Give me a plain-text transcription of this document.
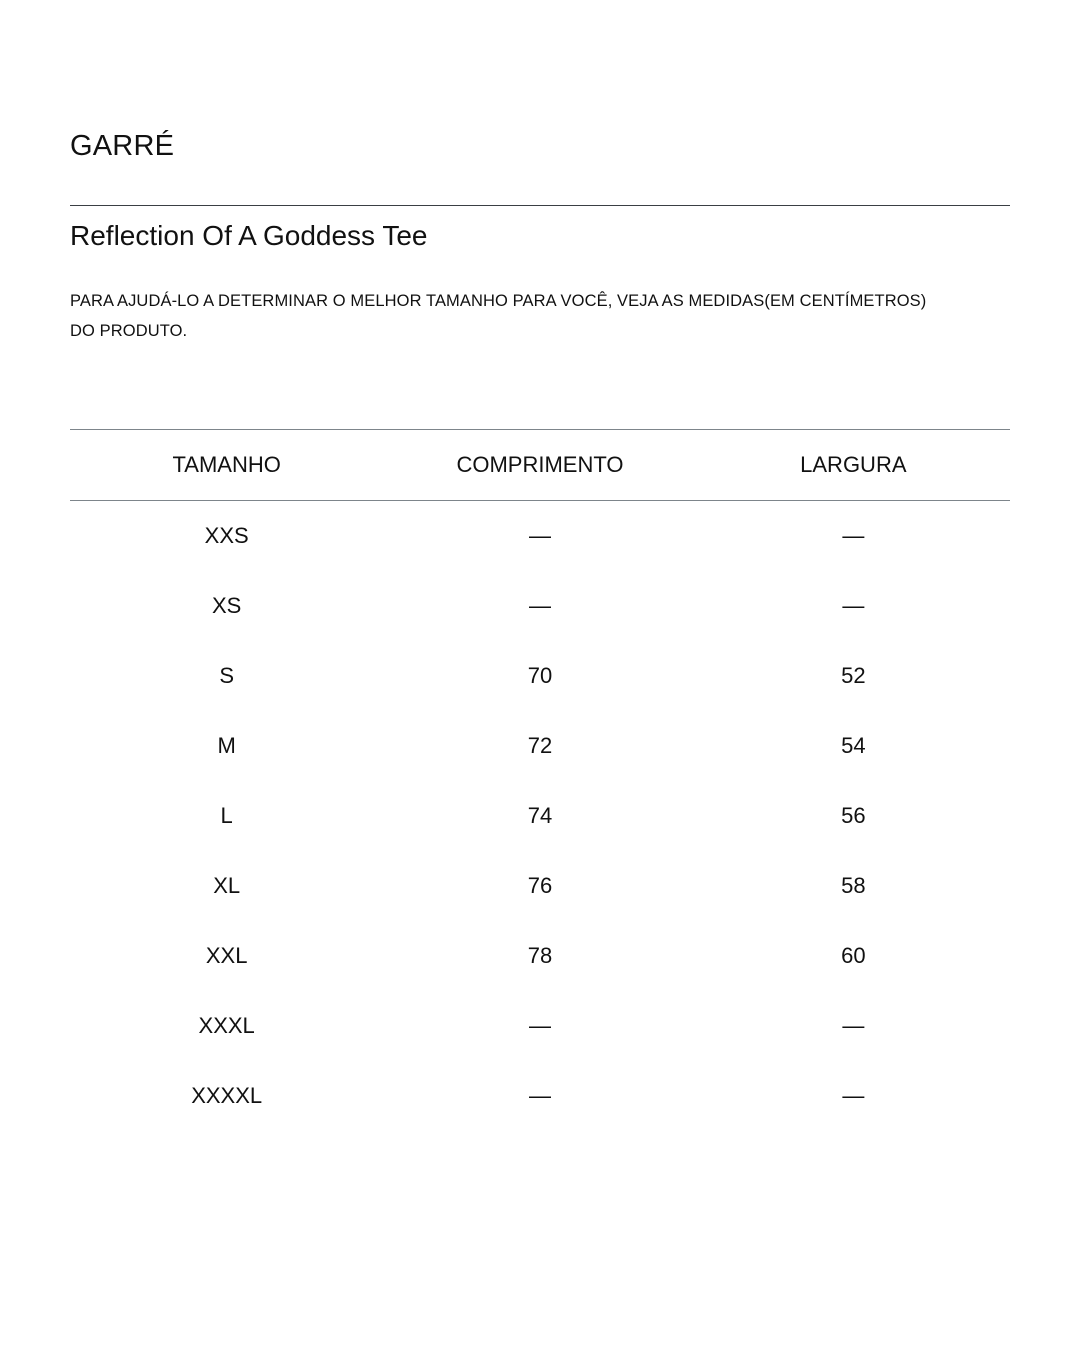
GARRÉ
Reflection Of A Goddess Tee
PARA AJUDÁ-LO A DETERMINAR O MELHOR TAMANHO PARA VOCÊ, VEJA AS MEDIDAS(EM CENTÍMETROS)
DO PRODUTO.
TAMANHO	COMPRIMENTO	LARGURA
XXS	—	—
XS	—	—
S	70	52
M	72	54
L	74	56
XL	76	58
XXL	78	60
XXXL	—	—
XXXXL	—	—
